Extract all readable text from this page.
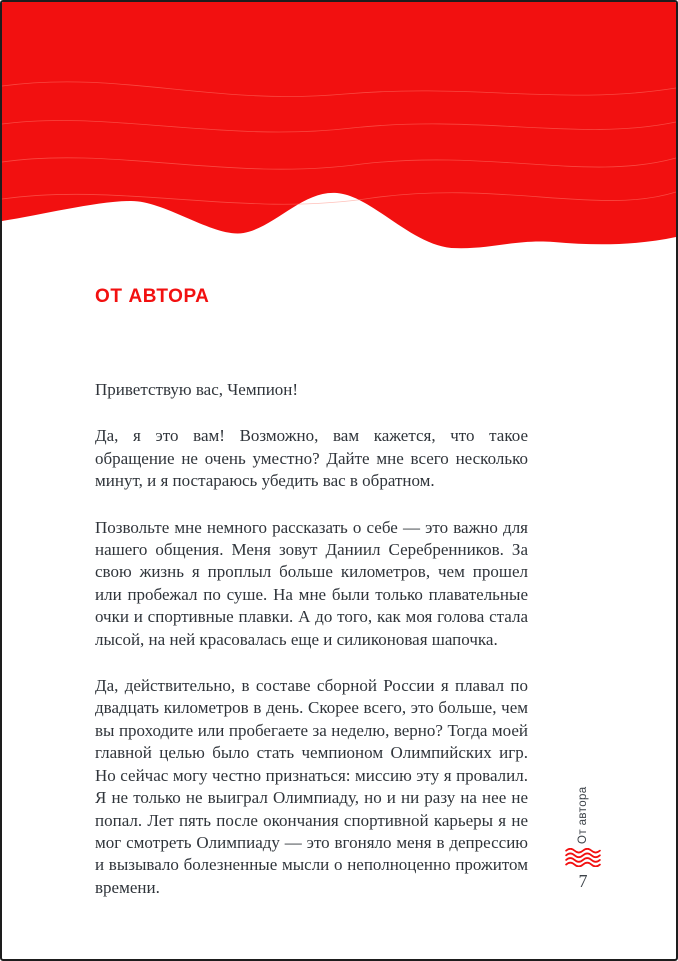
ОТ АВТОРА

Приветствую вас, Чемпион!

Да, я это вам! Возможно, вам кажется, что такое обращение не очень уместно? Дайте мне всего несколько минут, и я постараюсь убедить вас в обратном.

Позвольте мне немного рассказать о себе — это важно для нашего общения. Меня зовут Даниил Серебренников. За свою жизнь я проплыл больше километров, чем прошел или пробежал по суше. На мне были только плавательные очки и спортивные плавки. А до того, как моя голова стала лысой, на ней красовалась еще и силиконовая шапочка.

Да, действительно, в составе сборной России я плавал по двадцать километров в день. Скорее всего, это больше, чем вы проходите или пробегаете за неделю, верно? Тогда моей главной целью было стать чемпионом Олимпийских игр. Но сейчас могу честно признаться: миссию эту я провалил. Я не только не выиграл Олимпиаду, но и ни разу на нее не попал. Лет пять после окончания спортивной карьеры я не мог смотреть Олимпиаду — это вгоняло меня в депрессию и вызывало болезненные мысли о неполноценно прожитом времени.

От автора
7
